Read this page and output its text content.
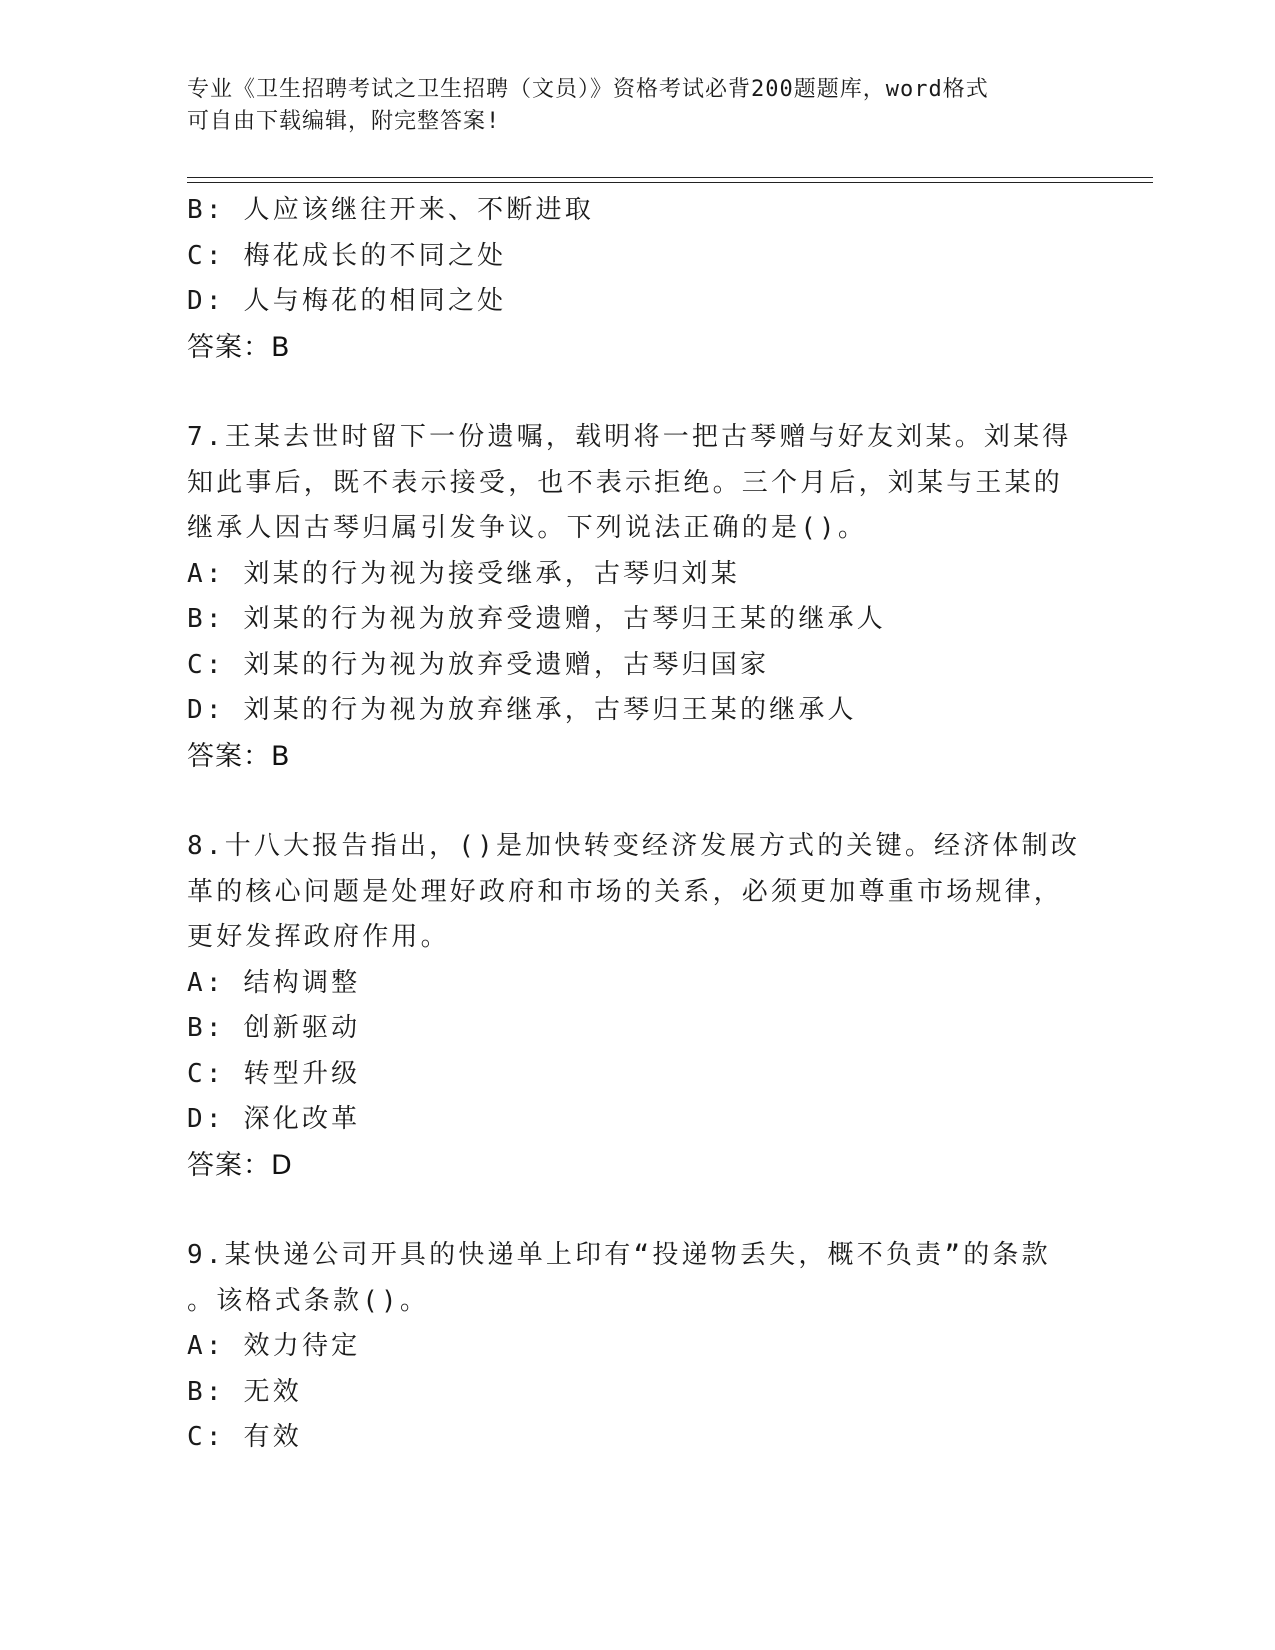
专业《卫生招聘考试之卫生招聘（文员）》资格考试必背200题题库，word格式
可自由下载编辑，附完整答案!
B: 人应该继往开来、不断进取
C: 梅花成长的不同之处
D: 人与梅花的相同之处
答案：B
7.王某去世时留下一份遗嘱，载明将一把古琴赠与好友刘某。刘某得
知此事后，既不表示接受，也不表示拒绝。三个月后，刘某与王某的
继承人因古琴归属引发争议。下列说法正确的是()。
A: 刘某的行为视为接受继承，古琴归刘某
B: 刘某的行为视为放弃受遗赠，古琴归王某的继承人
C: 刘某的行为视为放弃受遗赠，古琴归国家
D: 刘某的行为视为放弃继承，古琴归王某的继承人
答案：B
8.十八大报告指出，()是加快转变经济发展方式的关键。经济体制改
革的核心问题是处理好政府和市场的关系，必须更加尊重市场规律，
更好发挥政府作用。
A: 结构调整
B: 创新驱动
C: 转型升级
D: 深化改革
答案：D
9.某快递公司开具的快递单上印有“投递物丢失，概不负责”的条款
。该格式条款()。
A: 效力待定
B: 无效
C: 有效
